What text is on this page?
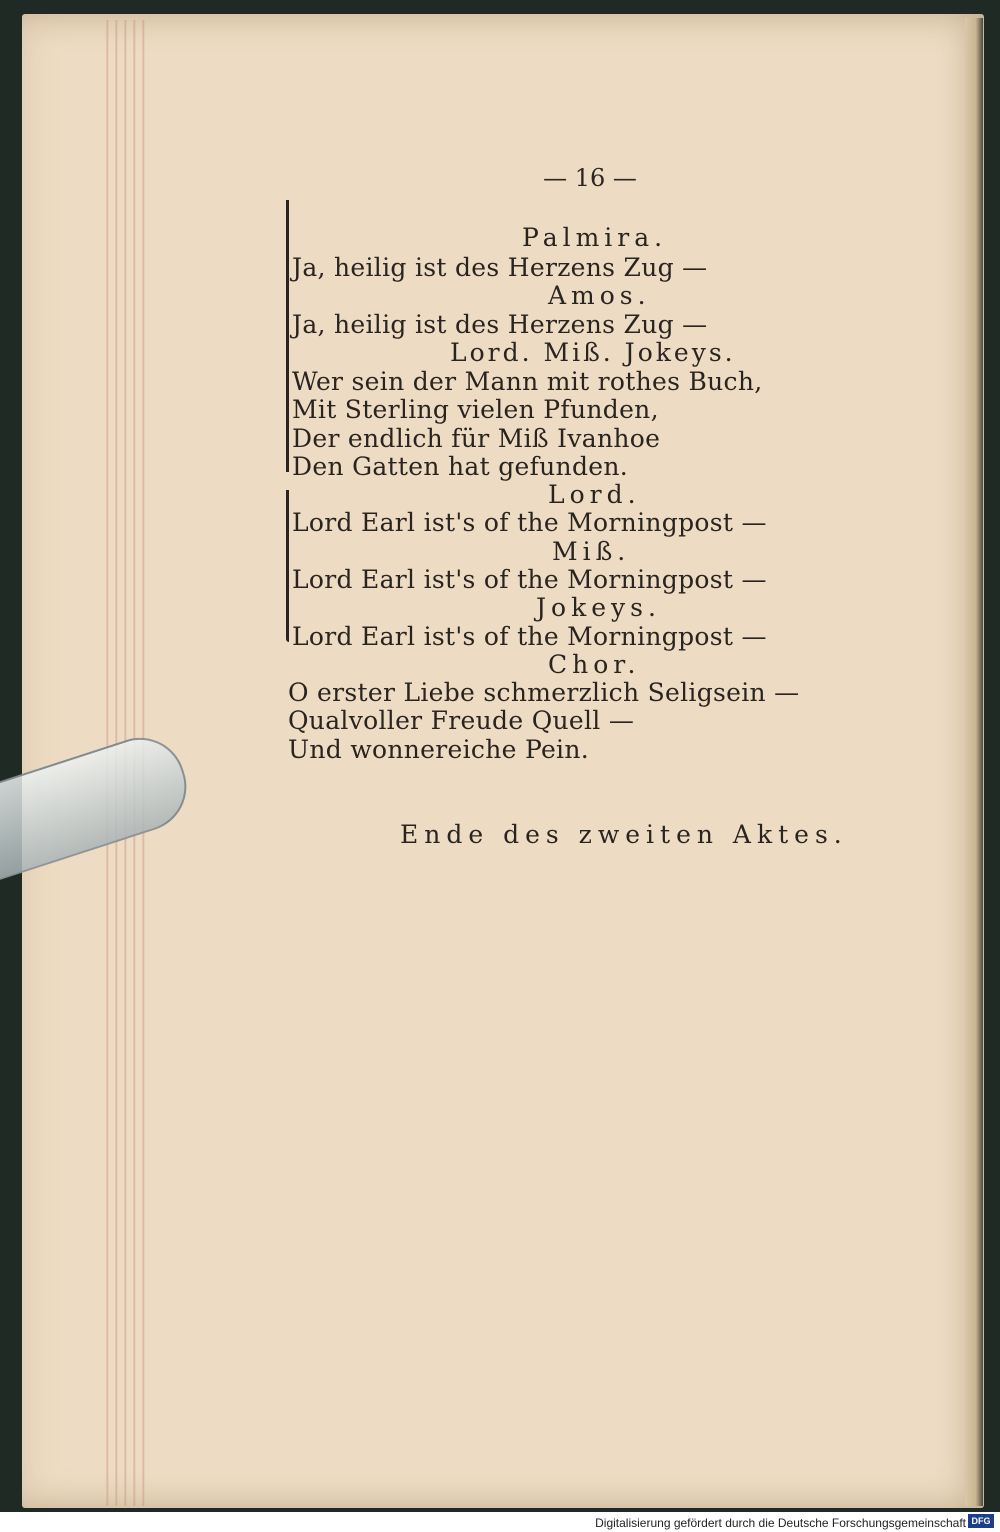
— 16 —
Palmira.
Ja, heilig ist des Herzens Zug —
Amos.
Ja, heilig ist des Herzens Zug —
Lord. Miß. Jokeys.
Wer sein der Mann mit rothes Buch,
Mit Sterling vielen Pfunden,
Der endlich für Miß Ivanhoe
Den Gatten hat gefunden.
Lord.
Lord Earl ist's of the Morningpost —
Miß.
Lord Earl ist's of the Morningpost —
Jokeys.
Lord Earl ist's of the Morningpost —
Chor.
O erster Liebe schmerzlich Seligsein —
Qualvoller Freude Quell —
Und wonnereiche Pein.
Ende des zweiten Aktes.
Digitalisierung gefördert durch die Deutsche Forschungsgemeinschaft DFG
